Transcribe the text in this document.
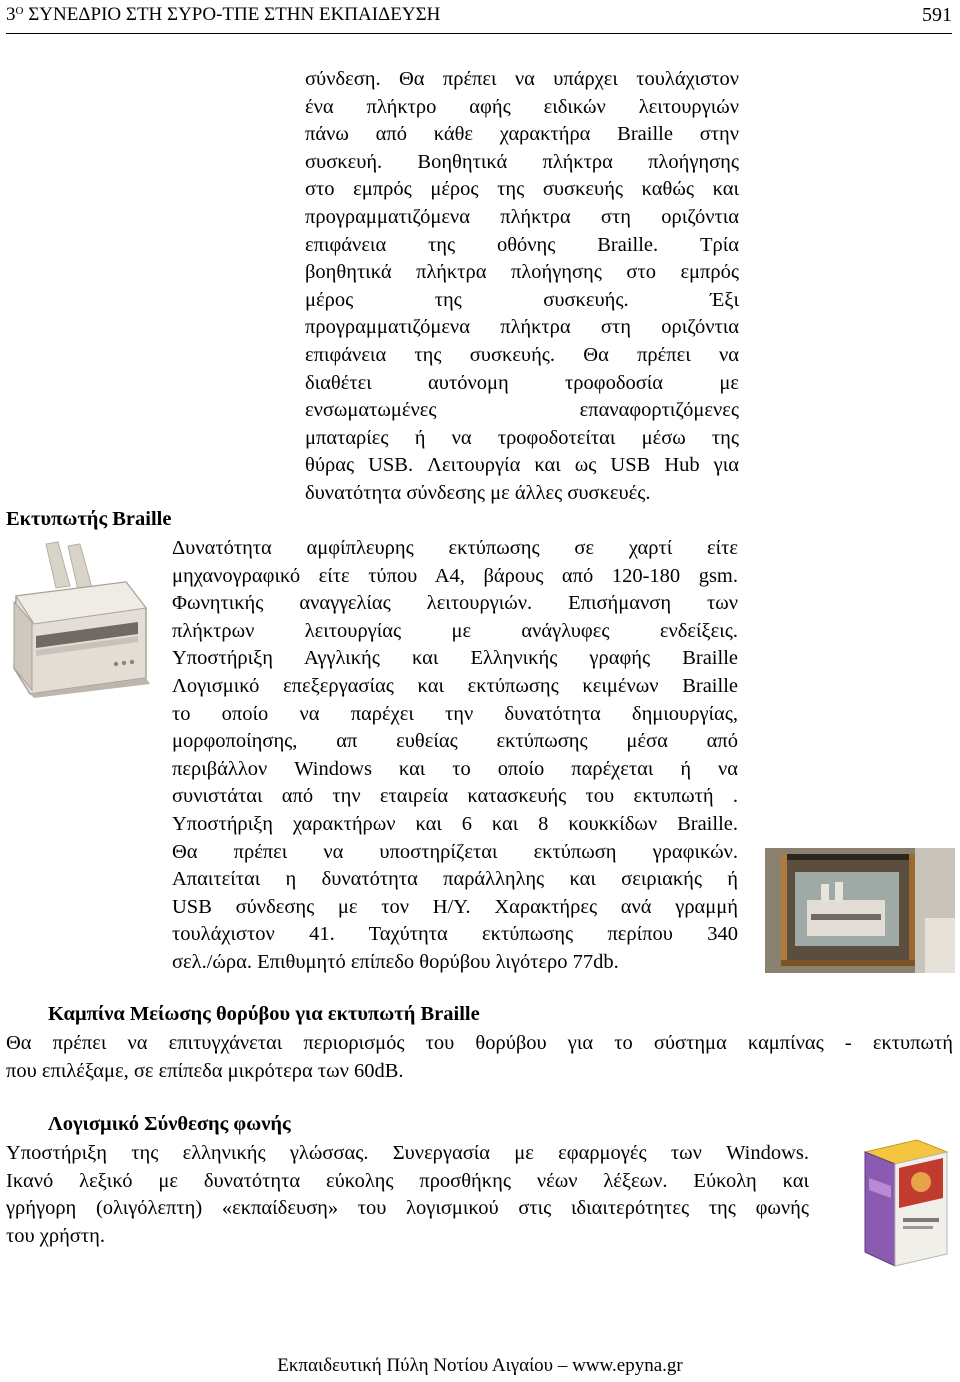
$3^O$ ΣΥΝΕΔΡΙΟ ΣΤΗ ΣΥΡΟ-ΤΠΕ ΣΤΗΝ ΕΚΠΑΙΔΕΥΣΗ	591
σύνδεση. Θα πρέπει να υπάρχει τουλάχιστον
ένα πλήκτρο αφής ειδικών λειτουργιών
πάνω από κάθε χαρακτήρα Braille στην
συσκευή. Βοηθητικά πλήκτρα πλοήγησης
στο εμπρός μέρος της συσκευής καθώς και
προγραμματιζόμενα πλήκτρα στη οριζόντια
επιφάνεια της οθόνης Braille. Τρία
βοηθητικά πλήκτρα πλοήγησης στο εμπρός
μέρος της συσκευής. Έξι
προγραμματιζόμενα πλήκτρα στη οριζόντια
επιφάνεια της συσκευής. Θα πρέπει να
διαθέτει αυτόνομη τροφοδοσία με
ενσωματωμένες επαναφορτιζόμενες
μπαταρίες ή να τροφοδοτείται μέσω της
θύρας USB. Λειτουργία και ως USB Hub για
δυνατότητα σύνδεσης με άλλες συσκευές.
Εκτυπωτής Braille
Δυνατότητα αμφίπλευρης εκτύπωσης σε χαρτί είτε
μηχανογραφικό είτε τύπου Α4, βάρους από 120-180 gsm.
Φωνητικής αναγγελίας λειτουργιών. Επισήμανση των
πλήκτρων λειτουργίας με ανάγλυφες ενδείξεις.
Υποστήριξη Αγγλικής και Ελληνικής γραφής Braille
Λογισμικό επεξεργασίας και εκτύπωσης κειμένων Braille
το οποίο να παρέχει την δυνατότητα δημιουργίας,
μορφοποίησης, απ ευθείας εκτύπωσης μέσα από
περιβάλλον Windows και το οποίο παρέχεται ή να
συνιστάται από την εταιρεία κατασκευής του εκτυπωτή .
Υποστήριξη χαρακτήρων και 6 και 8 κουκκίδων Braille.
Θα πρέπει να υποστηρίζεται εκτύπωση γραφικών.
Απαιτείται η δυνατότητα παράλληλης και σειριακής ή
USB σύνδεσης με τον Η/Υ. Χαρακτήρες ανά γραμμή
τουλάχιστον 41. Ταχύτητα εκτύπωσης περίπου 340
σελ./ώρα. Επιθυμητό επίπεδο θορύβου λιγότερο 77db.
Καμπίνα Μείωσης θορύβου για εκτυπωτή Braille
Θα πρέπει να επιτυγχάνεται περιορισμός του θορύβου για το σύστημα καμπίνας - εκτυπωτή
που επιλέξαμε, σε επίπεδα μικρότερα των 60dB.
Λογισμικό Σύνθεσης φωνής
Υποστήριξη της ελληνικής γλώσσας. Συνεργασία με εφαρμογές των Windows.
Ικανό λεξικό με δυνατότητα εύκολης προσθήκης νέων λέξεων. Εύκολη και
γρήγορη (ολιγόλεπτη) «εκπαίδευση» του λογισμικού στις ιδιαιτερότητες της φωνής
του χρήστη.
Εκπαιδευτική Πύλη Νοτίου Αιγαίου – www.epyna.gr
